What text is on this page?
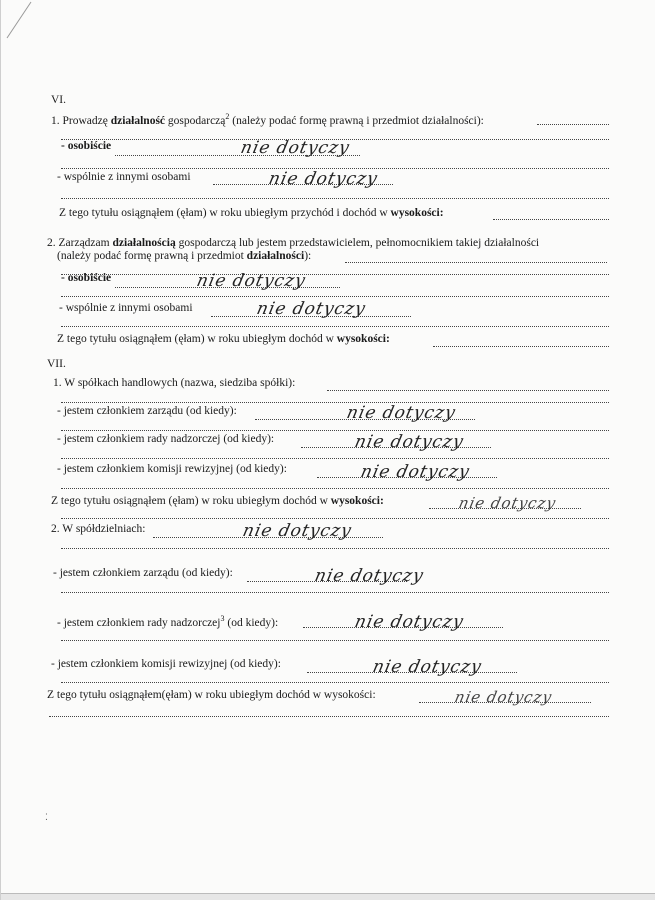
VI.
1. Prowadzę działalność gospodarczą$^2$ (należy podać formę prawną i przedmiot działalności):
- osobiście	nie dotyczy
- wspólnie z innymi osobami	nie dotyczy
Z tego tytułu osiągnąłem (ęłam) w roku ubiegłym przychód i dochód w wysokości:
2. Zarządzam działalnością gospodarczą lub jestem przedstawicielem, pełnomocnikiem takiej działalności
(należy podać formę prawną i przedmiot działalności):
- osobiście	nie dotyczy
- wspólnie z innymi osobami	nie dotyczy
Z tego tytułu osiągnąłem (ęłam) w roku ubiegłym dochód w wysokości:
VII.
1. W spółkach handlowych (nazwa, siedziba spółki):
- jestem członkiem zarządu (od kiedy):	nie dotyczy
- jestem członkiem rady nadzorczej (od kiedy):	nie dotyczy
- jestem członkiem komisji rewizyjnej (od kiedy):	nie dotyczy
Z tego tytułu osiągnąłem (ęłam) w roku ubiegłym dochód w wysokości:	nie dotyczy
2. W spółdzielniach:	nie dotyczy
- jestem członkiem zarządu (od kiedy):	nie dotyczy
- jestem członkiem rady nadzorczej$^3$ (od kiedy):	nie dotyczy
- jestem członkiem komisji rewizyjnej (od kiedy):	nie dotyczy
Z tego tytułu osiągnąłem(ęłam) w roku ubiegłym dochód w wysokości:	nie dotyczy
⁚
